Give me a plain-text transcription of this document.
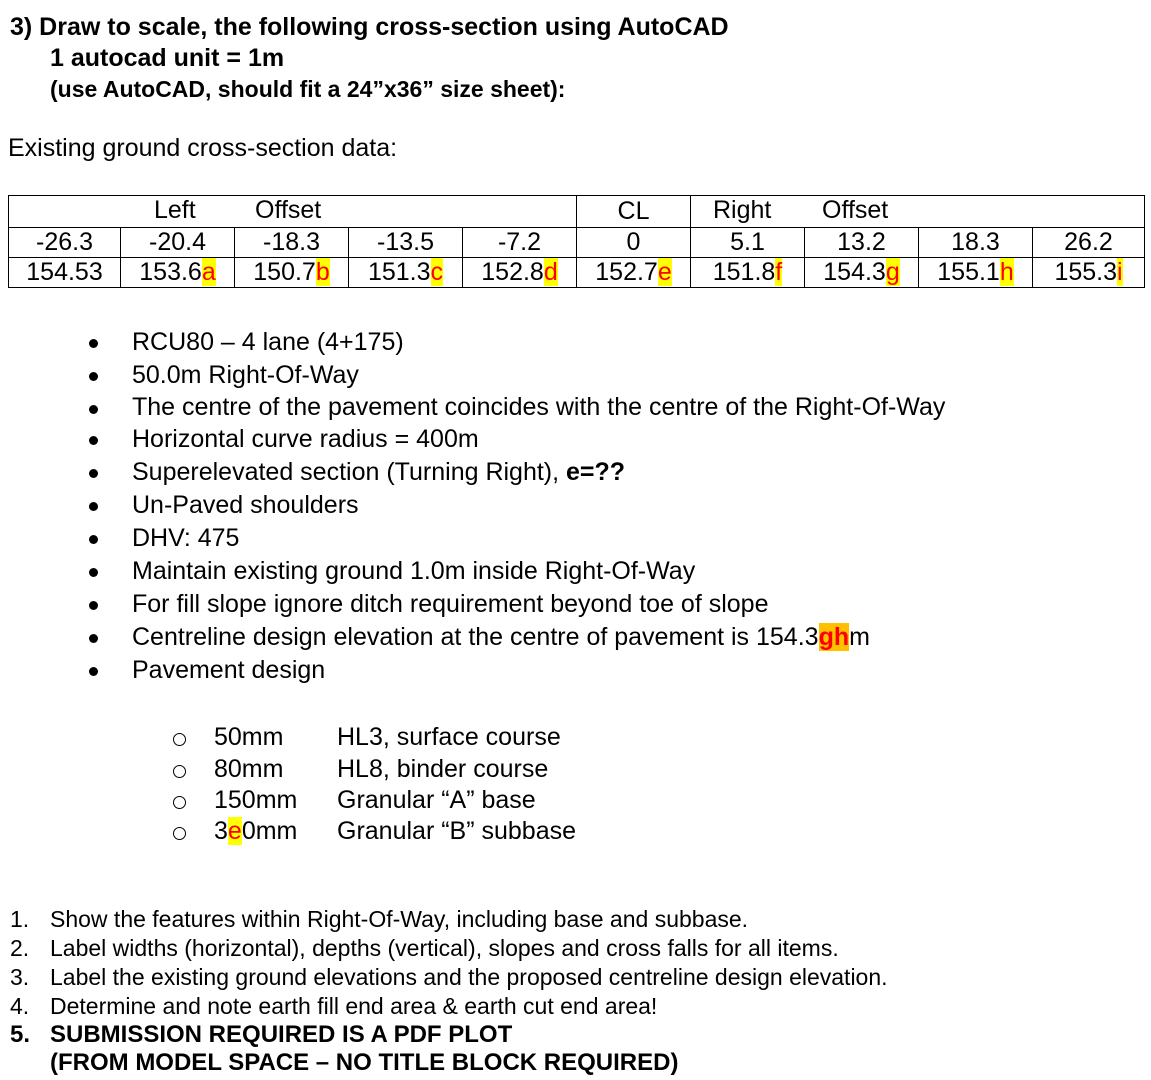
3) Draw to scale, the following cross-section using AutoCAD
1 autocad unit = 1m
(use AutoCAD, should fit a 24”x36” size sheet):
Existing ground cross-section data:
Left Offset					CL	Right Offset			

-26.3	-20.4	-18.3	-13.5	-7.2	0	5.1	13.2	18.3	26.2
154.53	153.6a	150.7b	151.3c	152.8d	152.7e	151.8f	154.3g	155.1h	155.3i
RCU80 – 4 lane (4+175)
50.0m Right-Of-Way
The centre of the pavement coincides with the centre of the Right-Of-Way
Horizontal curve radius = 400m
Superelevated section (Turning Right), e=??
Un-Paved shoulders
DHV: 475
Maintain existing ground 1.0m inside Right-Of-Way
For fill slope ignore ditch requirement beyond toe of slope
Centreline design elevation at the centre of pavement is 154.3ghm
Pavement design
50mm HL3, surface course
80mm HL8, binder course
150mm Granular “A” base
3e0mm Granular “B” subbase
1. Show the features within Right-Of-Way, including base and subbase.
2. Label widths (horizontal), depths (vertical), slopes and cross falls for all items.
3. Label the existing ground elevations and the proposed centreline design elevation.
4. Determine and note earth fill end area & earth cut end area!
5. SUBMISSION REQUIRED IS A PDF PLOT
(FROM MODEL SPACE – NO TITLE BLOCK REQUIRED)
